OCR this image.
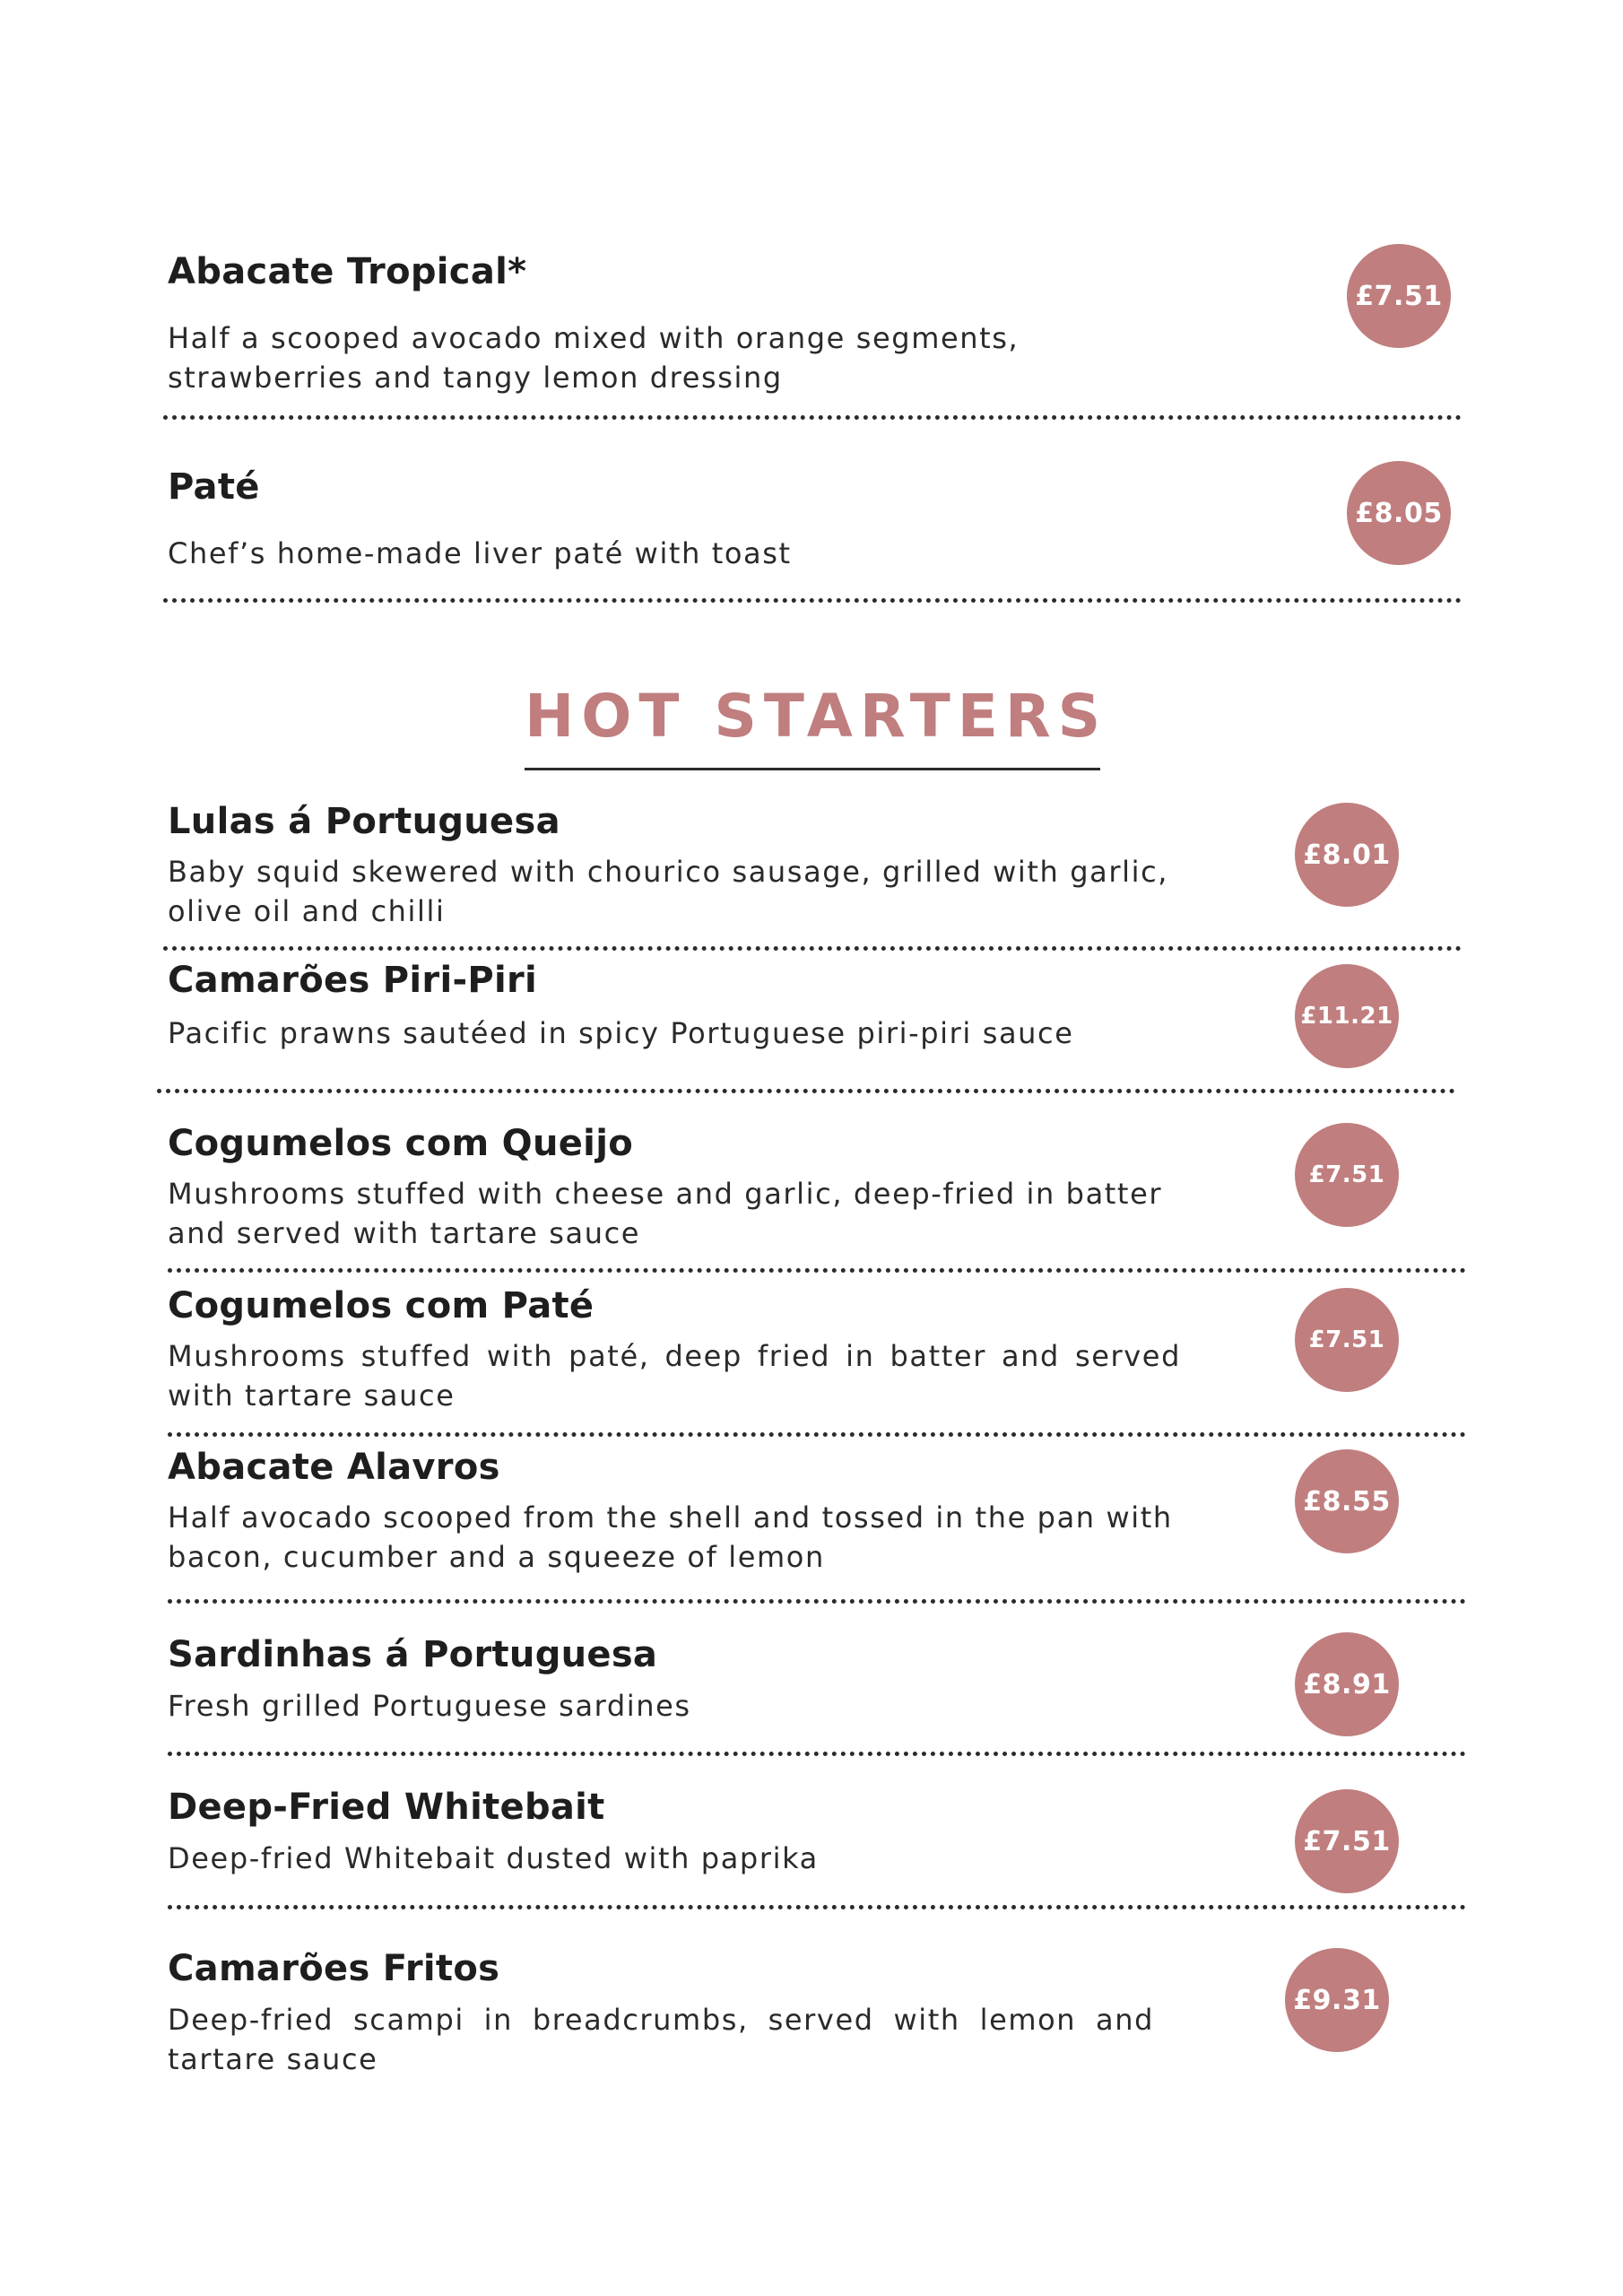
Abacate Tropical*
Half a scooped avocado mixed with orange segments, strawberries and tangy lemon dressing
£7.51
Paté
Chef’s home-made liver paté with toast
£8.05
HOT STARTERS
Lulas á Portuguesa
Baby squid skewered with chourico sausage, grilled with garlic, olive oil and chilli
£8.01
Camarões Piri-Piri
Pacific prawns sautéed in spicy Portuguese piri-piri sauce	£11.21
Cogumelos com Queijo
Mushrooms stuffed with cheese and garlic, deep-fried in batter and served with tartare sauce
£7.51
Cogumelos com Paté
Mushrooms stuffed with paté, deep fried in batter and served with tartare sauce
£7.51
Abacate Alavros
Half avocado scooped from the shell and tossed in the pan with bacon, cucumber and a squeeze of lemon
£8.55
Sardinhas á Portuguesa
Fresh grilled Portuguese sardines
£8.91
Deep-Fried Whitebait
Deep-fried Whitebait dusted with paprika	£7.51
Camarões Fritos
Deep-fried scampi in breadcrumbs, served with lemon and tartare sauce
£9.31
